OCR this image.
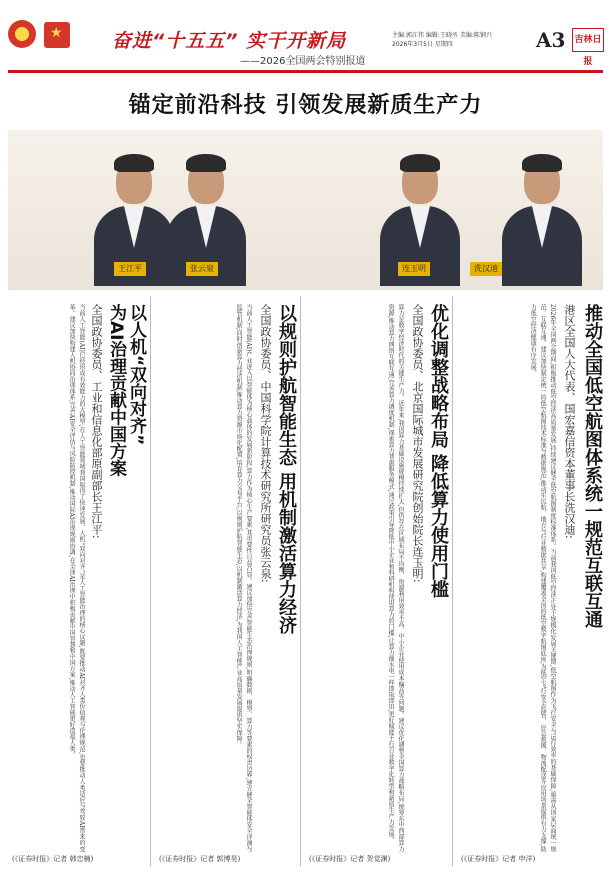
★
奋进“十五五” 实干开新局
——2026全国两会特别报道
主编:郭江伟 编辑:王晓丞 美编:陈钢兴
2026年3月5日 星期四	A3 吉林日报
锚定前沿科技 引领发展新质生产力
王江平	张云泉	连玉明	洗汉迪
推动全国低空航图体系统一规范互联互通
港区全国人大代表、国宏嘉信资本董事长洗汉迪:
2026年全国两会期间,积极推动低空经济高质量发展,持续建议健全低空航图制度标准体系。当前我国低空经济正处于规模化发展关键期,低空航图作为飞行安全与运行效率的基础保障,亟需从国家层面统一规范、互联互通。建议加快制定统一的低空航图技术标准与数据规范,推动军民航、地方与行业数据共享,构建覆盖全国的低空数字航图底座,为低空飞行安全监管、应急救援、物流配送等应用场景提供有力支撑,助力低空经济健康有序发展。
(《证券时报》记者 申洋)
优化调整战略布局 降低算力使用门槛
全国政协委员、北京国际城市发展研究院创始院长连玉明:
算力是数字经济时代的关键生产力。近年来,我国算力基础设施规模持续扩大,但仍存在区域布局不均衡、资源利用效率不高、中小企业使用成本偏高等问题。建议优化调整全国算力战略布局,统筹东中西部算力资源,推动算力网络互联互通,完善算力调度机制,探索算力普惠服务模式,通过政策引导降低中小企业和科研机构使用算力的门槛,让算力像水电一样即取即用,更好赋能千行百业数字化转型和新质生产力发展。
(《证券时报》记者 贺觉渊)
以规则护航智能生态 用机制激活算力经济
全国政协委员、中国科学院计算技术研究所研究员张云泉:
当前人工智能(AI)产业进入以智能体为核心载体的发展新阶段,算力作为核心生产要素,其重要性日益凸显。建议加快完善智能生态治理规则,明确数据、模型、算力等要素的权责边界,建立健全智能体安全评测与监管机制;同时创新算力经济机制,推动算力资源市场化配置,培育算力交易平台,以规则护航智能生态,以机制激活算力经济,为我国人工智能产业高质量发展提供坚实保障。
(《证券时报》记者 郭博昊)
以人机“双向对齐”
为AI治理贡献中国方案
全国政协委员、工业和信息化部原副部长王江平:
当前人工智能(AI)已经形成有效能力的大模型,在人工智能领域我国取得了快速发展。人机“双向对齐”是人工智能治理的核心议题,既要推动AI对齐人类价值观与伦理规范,也要推动人类适应与驾驭AI带来的变革。建议加快构建人机协同治理体系,完善AI安全评估与风险防控机制,推动国际AI治理规则协调,在全球AI治理中积极贡献中国智慧和中国方案,推动人工智能更好造福人类。
(《证券时报》记者 韩忠楠)
